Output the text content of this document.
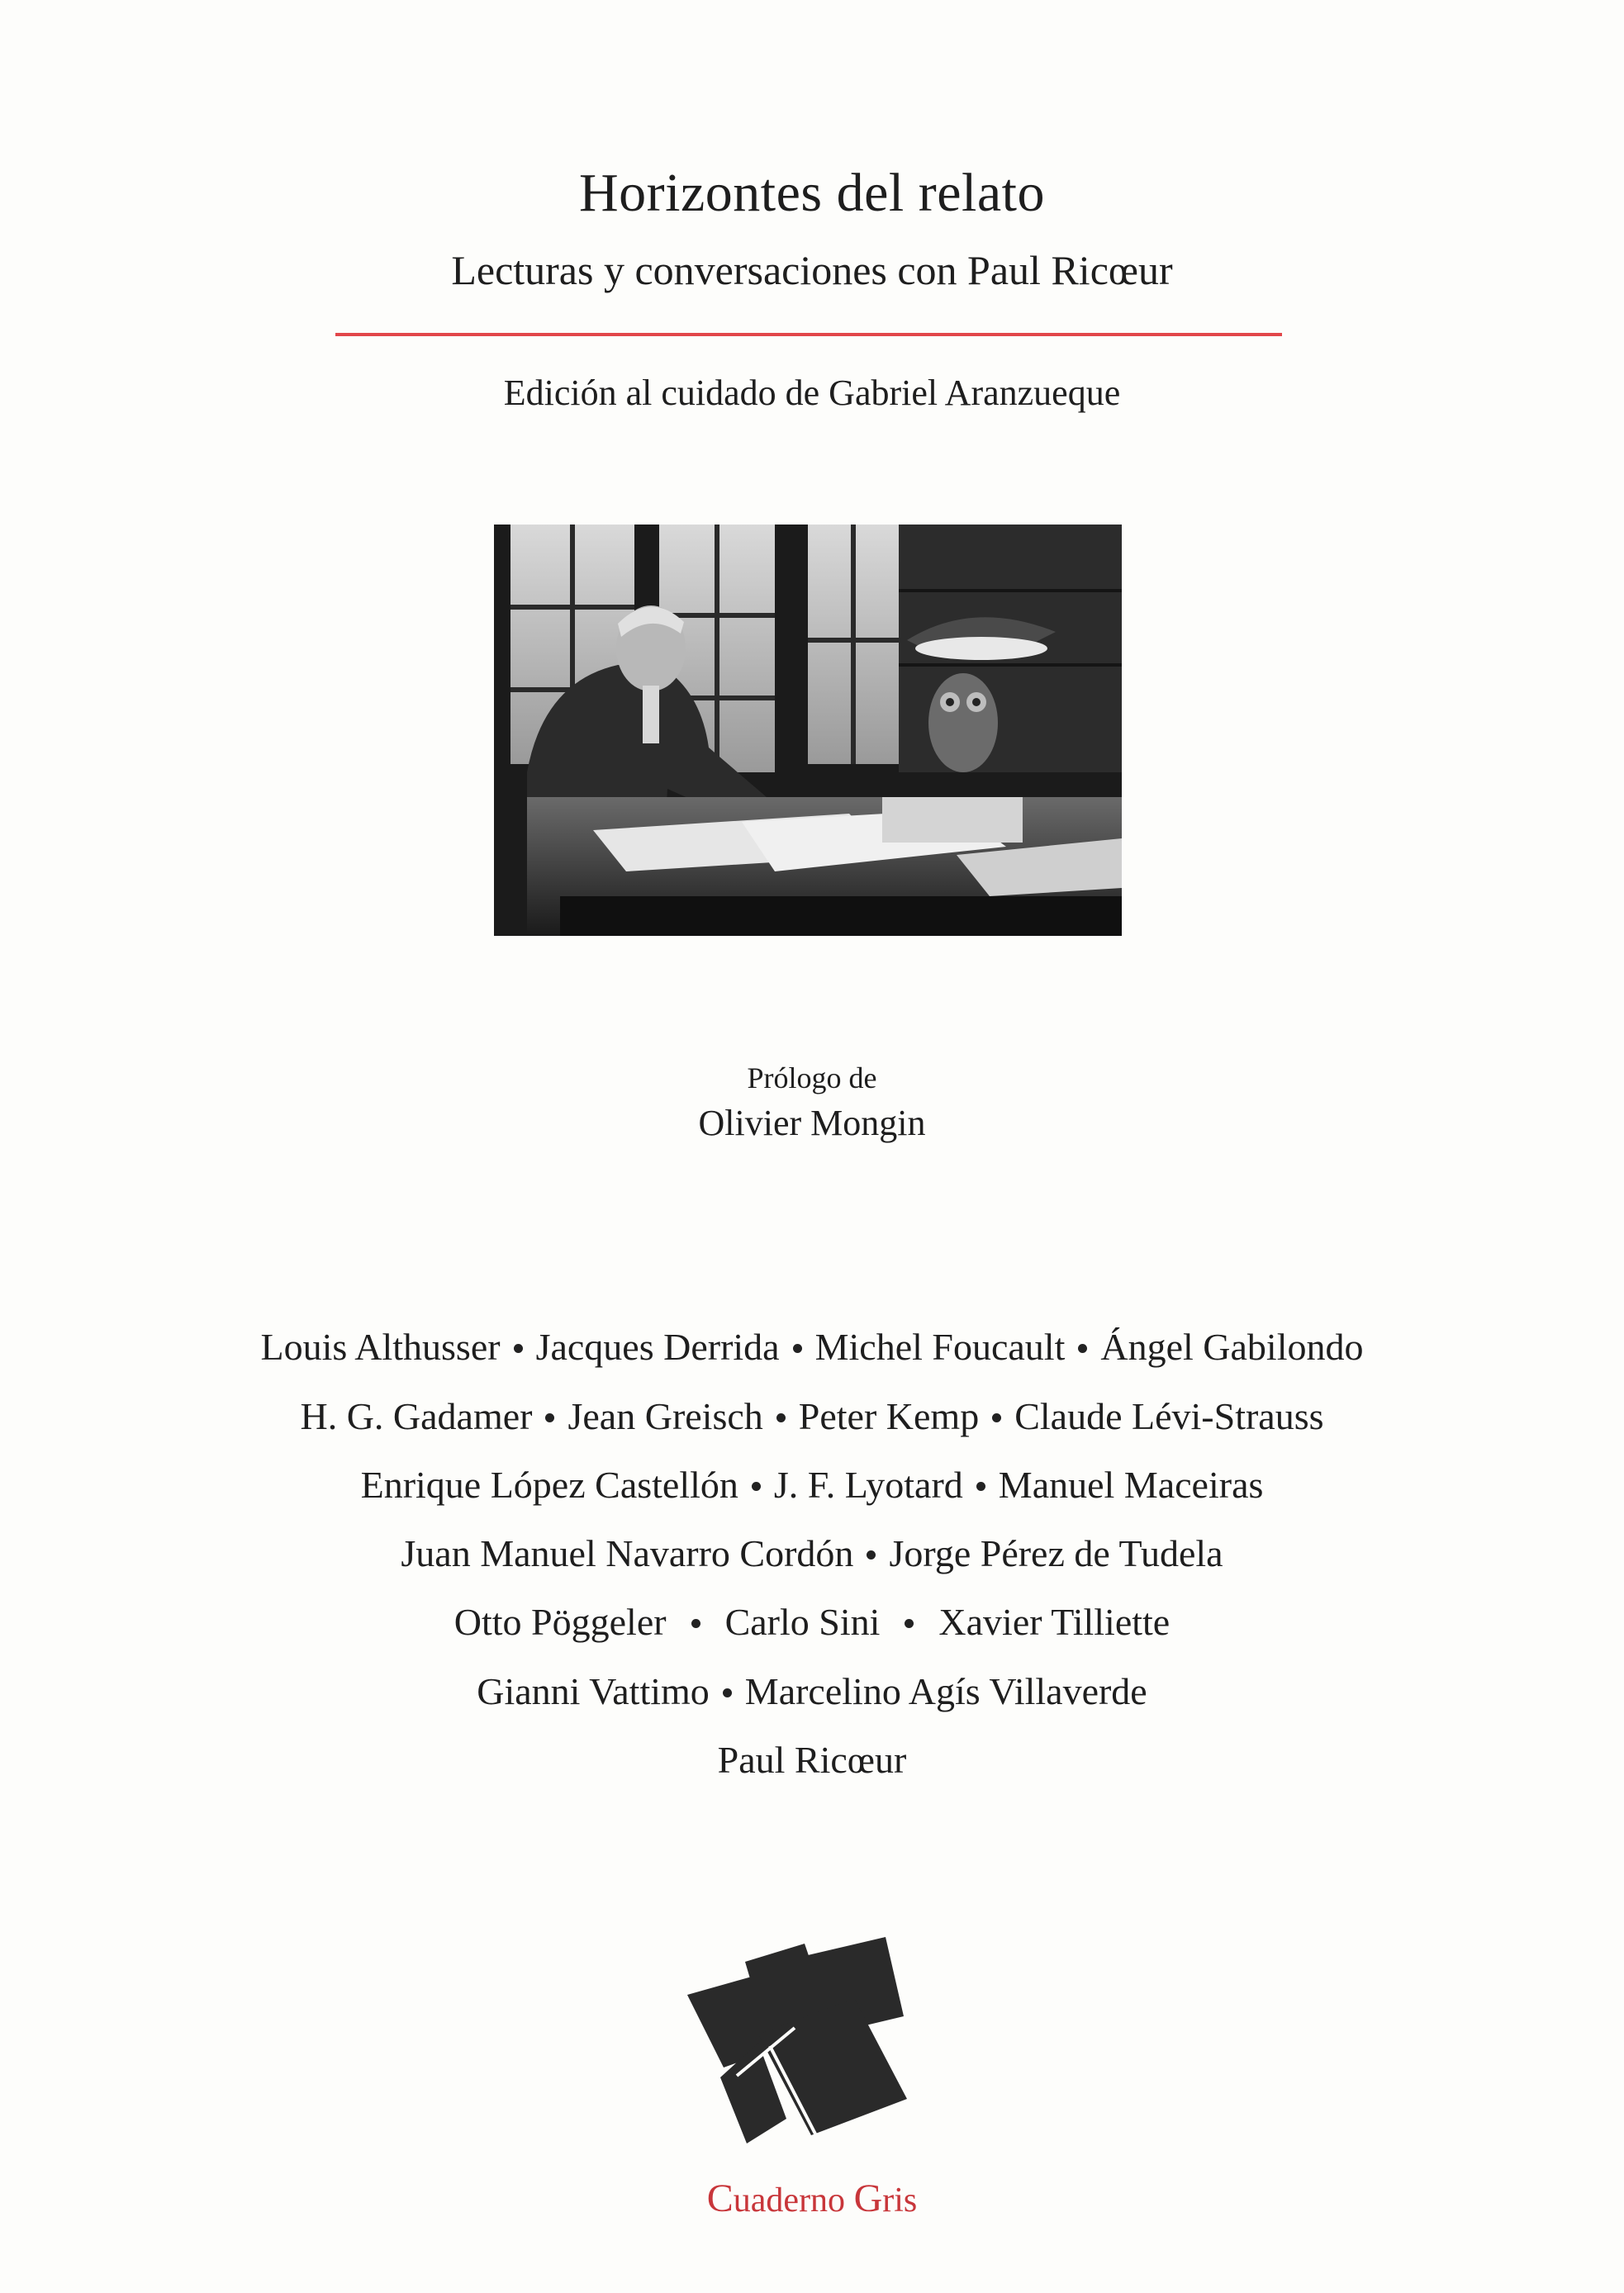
Horizontes del relato
Lecturas y conversaciones con Paul Ricœur
Edición al cuidado de Gabriel Aranzueque
Prólogo de
Olivier Mongin
Louis Althusser Jacques Derrida Michel Foucault Ángel Gabilondo
H. G. Gadamer Jean Greisch Peter Kemp Claude Lévi-Strauss
Enrique López Castellón J. F. Lyotard Manuel Maceiras
Juan Manuel Navarro Cordón Jorge Pérez de Tudela
Otto Pöggeler Carlo Sini Xavier Tilliette
Gianni Vattimo Marcelino Agís Villaverde
Paul Ricœur
Cuaderno Gris
